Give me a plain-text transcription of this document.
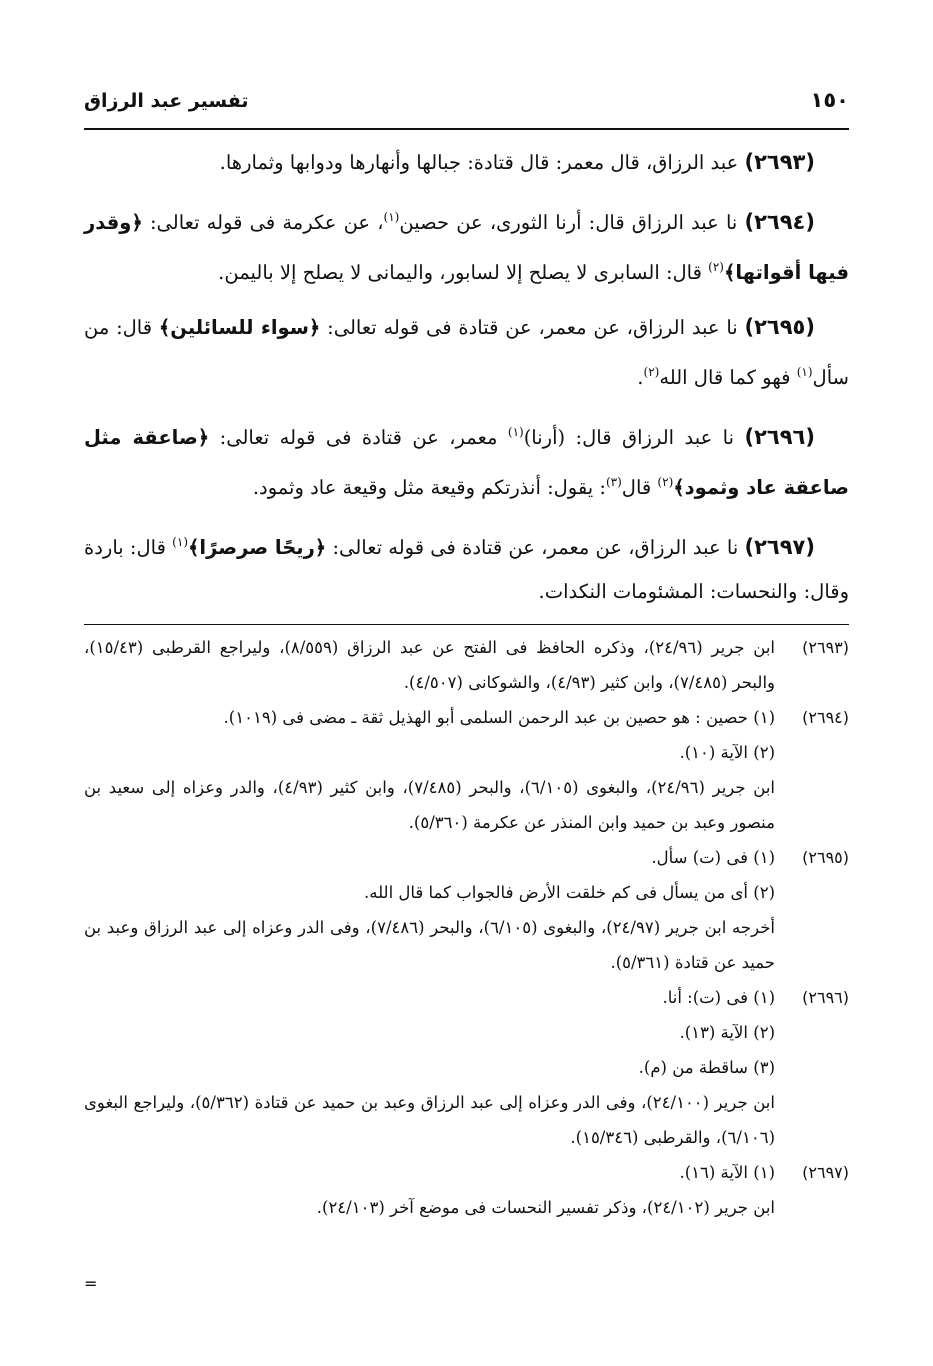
تفسير عبد الرزاق	١٥٠

(٢٦٩٣) عبد الرزاق، قال معمر: قال قتادة: جبالها وأنهارها ودوابها وثمارها.

(٢٦٩٤) نا عبد الرزاق قال: أرنا الثورى، عن حصين$^{(١)}$، عن عكرمة فى قوله تعالى: ﴿وقدر فيها أقواتها﴾$^{(٢)}$ قال: السابرى لا يصلح إلا لسابور، واليمانى لا يصلح إلا باليمن.

(٢٦٩٥) نا عبد الرزاق، عن معمر، عن قتادة فى قوله تعالى: ﴿سواء للسائلين﴾ قال: من سأل$^{(١)}$ فهو كما قال الله$^{(٢)}$.

(٢٦٩٦) نا عبد الرزاق قال: (أرنا)$^{(١)}$ معمر، عن قتادة فى قوله تعالى: ﴿صاعقة مثل صاعقة عاد وثمود﴾$^{(٢)}$ قال$^{(٣)}$: يقول: أنذرتكم وقيعة مثل وقيعة عاد وثمود.

(٢٦٩٧) نا عبد الرزاق، عن معمر، عن قتادة فى قوله تعالى: ﴿ريحًا صرصرًا﴾$^{(١)}$ قال: باردة وقال: والنحسات: المشئومات النكدات.

(٢٦٩٣)

ابن جرير (٢٤/٩٦)، وذكره الحافظ فى الفتح عن عبد الرزاق (٨/٥٥٩)، وليراجع القرطبى (١٥/٤٣)، والبحر (٧/٤٨٥)، وابن كثير (٤/٩٣)، والشوكانى (٤/٥٠٧).

(٢٦٩٤)

(١) حصين : هو حصين بن عبد الرحمن السلمى أبو الهذيل ثقة ـ مضى فى (١٠١٩).

(٢) الآية (١٠).

ابن جرير (٢٤/٩٦)، والبغوى (٦/١٠٥)، والبحر (٧/٤٨٥)، وابن كثير (٤/٩٣)، والدر وعزاه إلى سعيد بن منصور وعبد بن حميد وابن المنذر عن عكرمة (٥/٣٦٠).

(٢٦٩٥)

(١) فى (ت) سأل.

(٢) أى من يسأل فى كم خلقت الأرض فالجواب كما قال الله.

أخرجه ابن جرير (٢٤/٩٧)، والبغوى (٦/١٠٥)، والبحر (٧/٤٨٦)، وفى الدر وعزاه إلى عبد الرزاق وعبد بن حميد عن قتادة (٥/٣٦١).

(٢٦٩٦)

(١) فى (ت): أنا.

(٢) الآية (١٣).

(٣) ساقطة من (م).

ابن جرير (٢٤/١٠٠)، وفى الدر وعزاه إلى عبد الرزاق وعبد بن حميد عن قتادة (٥/٣٦٢)، وليراجع البغوى (٦/١٠٦)، والقرطبى (١٥/٣٤٦).

(٢٦٩٧)

(١) الآية (١٦).

ابن جرير (٢٤/١٠٢)، وذكر تفسير النحسات فى موضع آخر (٢٤/١٠٣).

=
